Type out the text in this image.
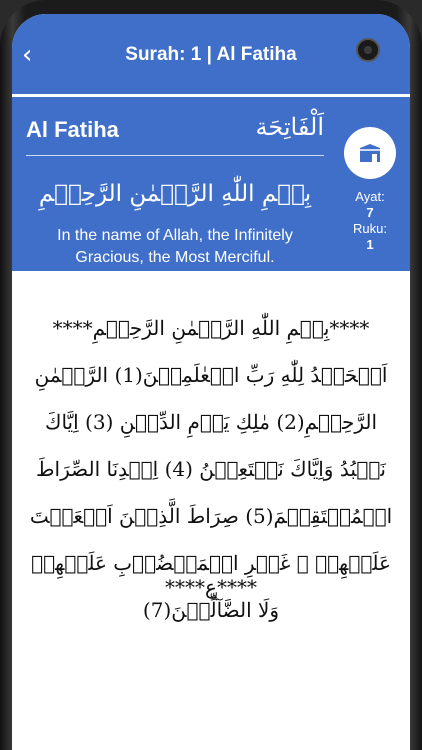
‹	Surah: 1 | Al Fatiha
Al Fatiha	اَلْفَاتِحَة
بِسۡمِ اللّٰهِ الرَّحۡمٰنِ الرَّحِيۡمِ
In the name of Allah, the Infinitely Gracious, the Most Merciful.
Ayat:
7
Ruku:
1
****بِسۡمِ اللّٰهِ الرَّحۡمٰنِ الرَّحِيۡمِ**** اَلۡحَمۡدُ لِلّٰهِ رَبِّ الۡعٰلَمِيۡنَ(1) الرَّحۡمٰنِ الرَّحِيۡمِ(2) مٰلِكِ يَوۡمِ الدِّيۡنِ (3) اِيَّاكَ نَعۡبُدُ وَاِيَّاكَ نَسۡتَعِيۡنُ (4) اِهۡدِنَا الصِّرَاطَ الۡمُسۡتَقِيۡمَ(5) صِرَاطَ الَّذِيۡنَ اَنۡعَمۡتَ عَلَيۡهِمۡ ۙ غَيۡرِ الۡمَغۡضُوۡبِ عَلَيۡهِمۡ وَلَا الضَّآلِّيۡنَ(7)
****ع****
